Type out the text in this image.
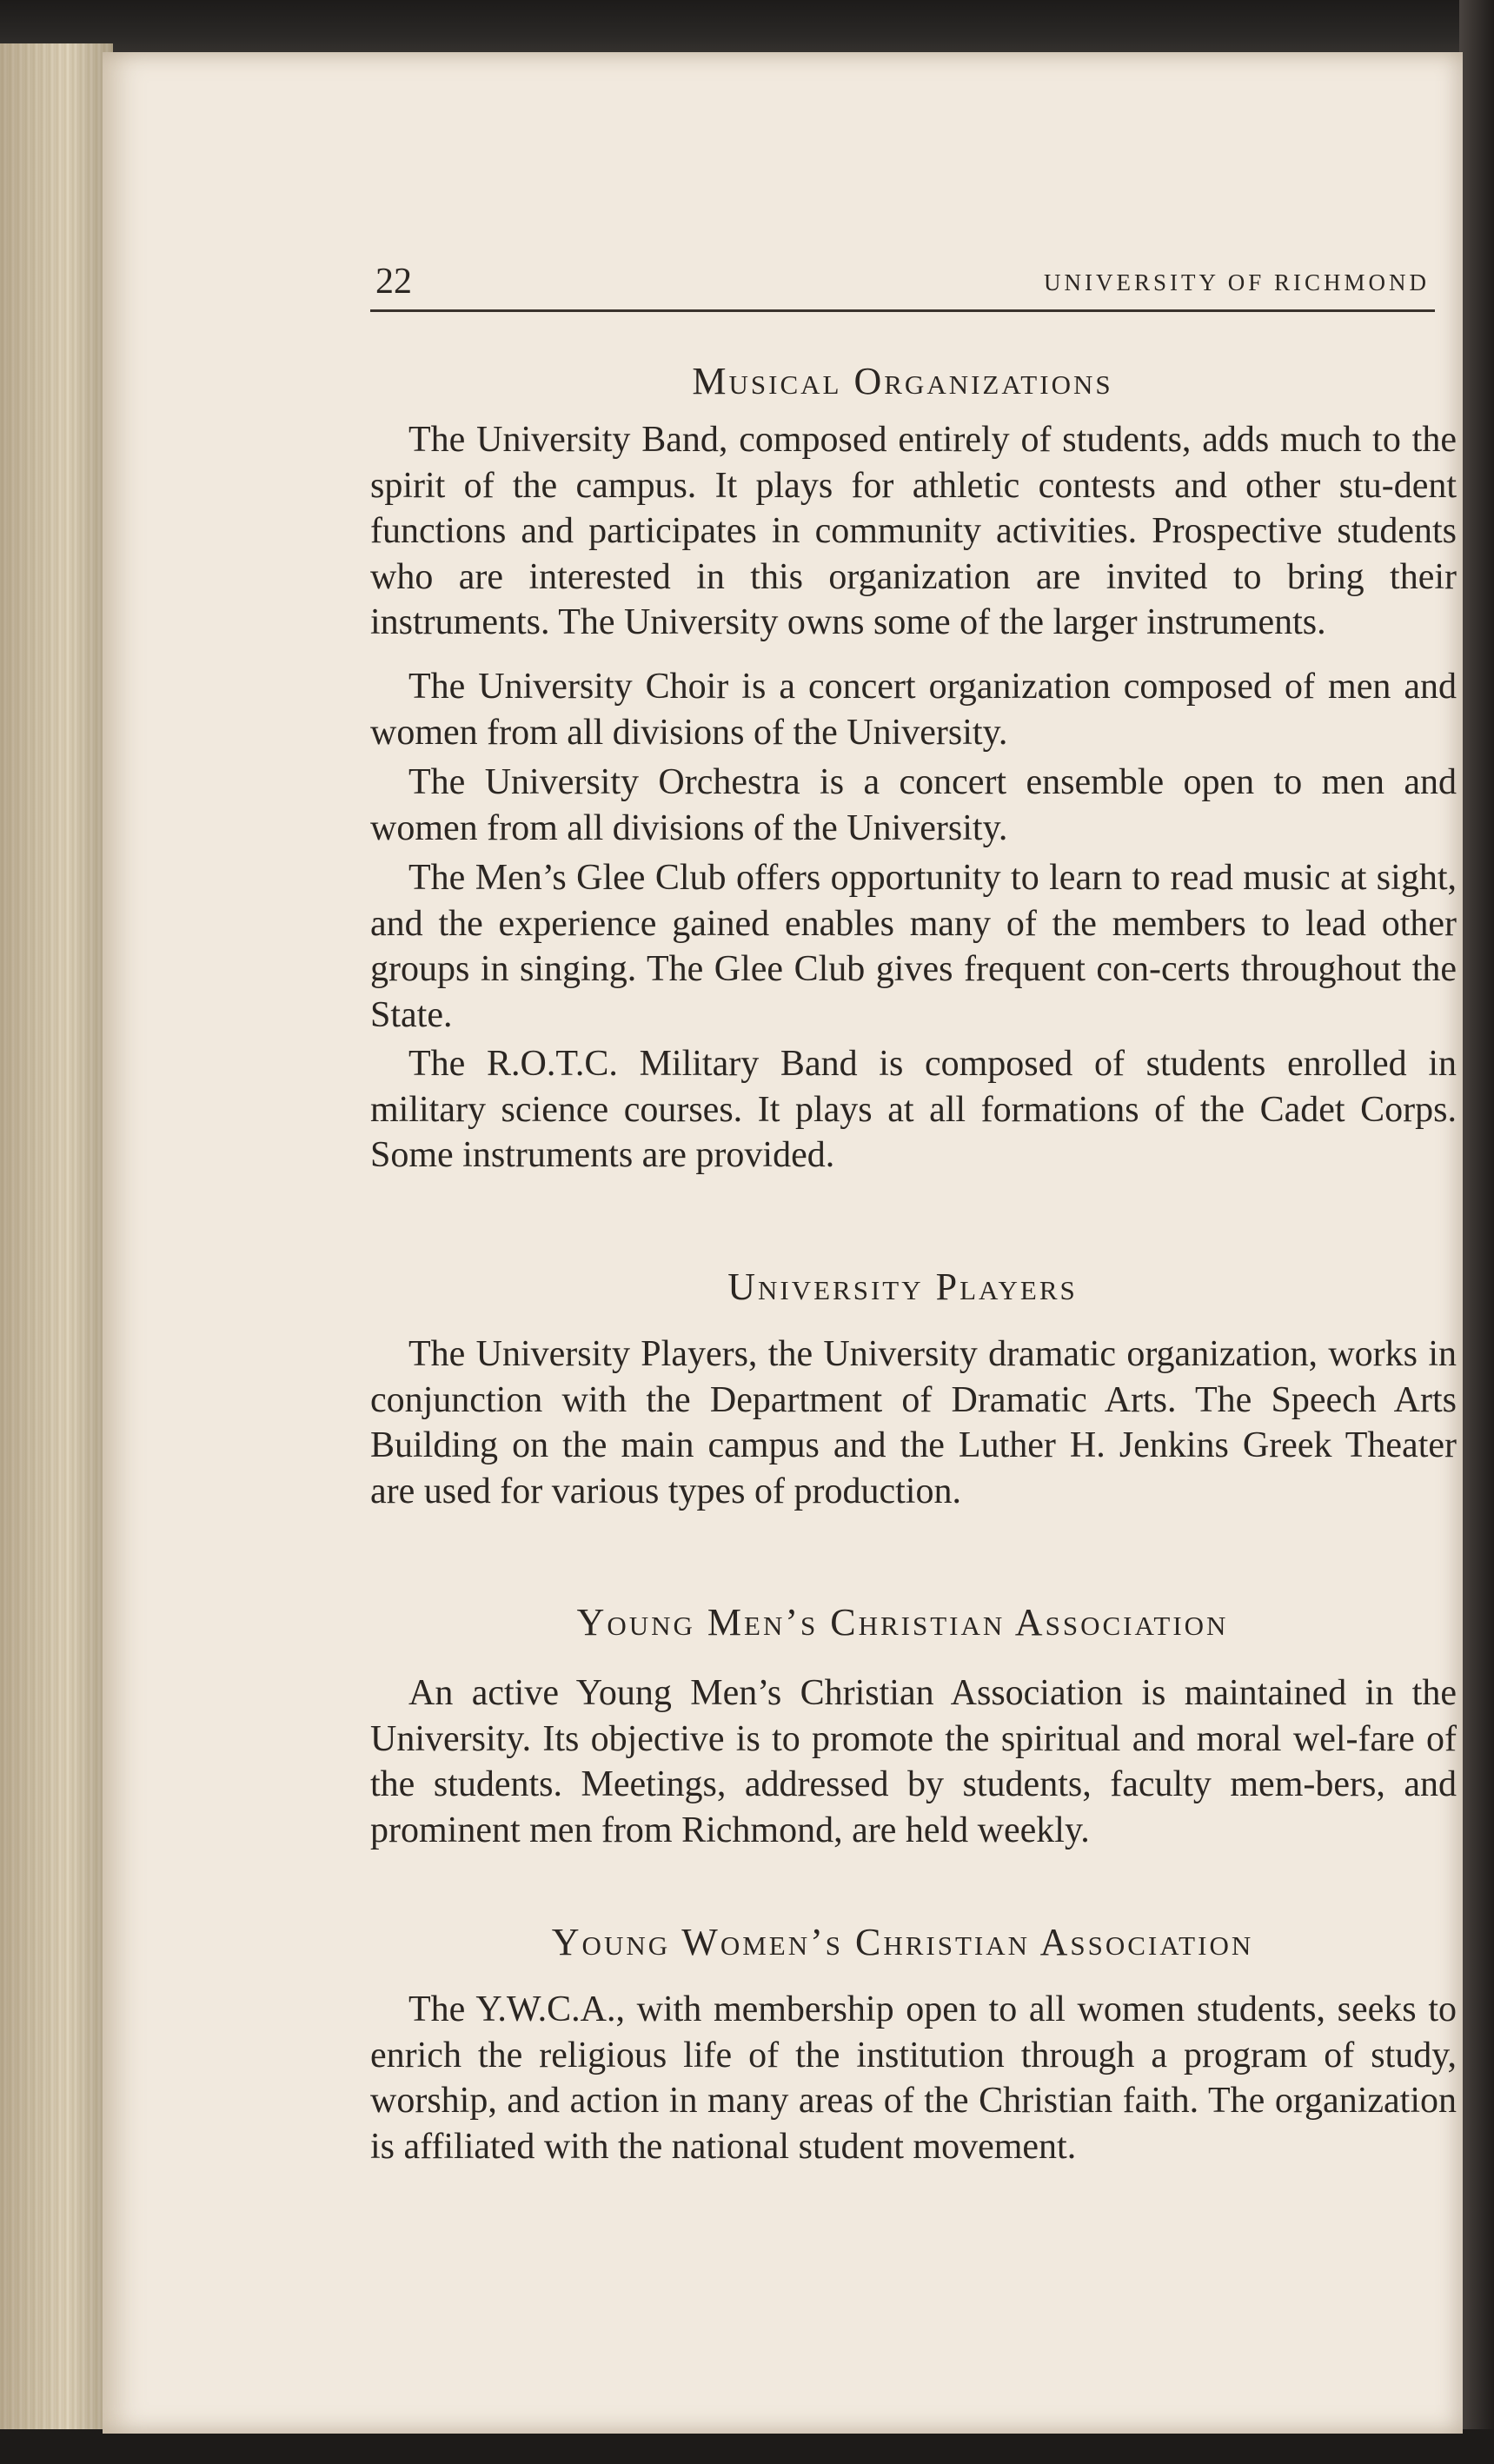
22	UNIVERSITY OF RICHMOND
Musical Organizations

The University Band, composed entirely of students, adds much to the spirit of the campus. It plays for athletic contests and other stu-dent functions and participates in community activities. Prospective students who are interested in this organization are invited to bring their instruments. The University owns some of the larger instruments.

The University Choir is a concert organization composed of men and women from all divisions of the University.

The University Orchestra is a concert ensemble open to men and women from all divisions of the University.

The Men’s Glee Club offers opportunity to learn to read music at sight, and the experience gained enables many of the members to lead other groups in singing. The Glee Club gives frequent con-certs throughout the State.

The R.O.T.C. Military Band is composed of students enrolled in military science courses. It plays at all formations of the Cadet Corps. Some instruments are provided.

University Players

The University Players, the University dramatic organization, works in conjunction with the Department of Dramatic Arts. The Speech Arts Building on the main campus and the Luther H. Jenkins Greek Theater are used for various types of production.

Young Men’s Christian Association

An active Young Men’s Christian Association is maintained in the University. Its objective is to promote the spiritual and moral wel-fare of the students. Meetings, addressed by students, faculty mem-bers, and prominent men from Richmond, are held weekly.

Young Women’s Christian Association

The Y.W.C.A., with membership open to all women students, seeks to enrich the religious life of the institution through a program of study, worship, and action in many areas of the Christian faith. The organization is affiliated with the national student movement.
